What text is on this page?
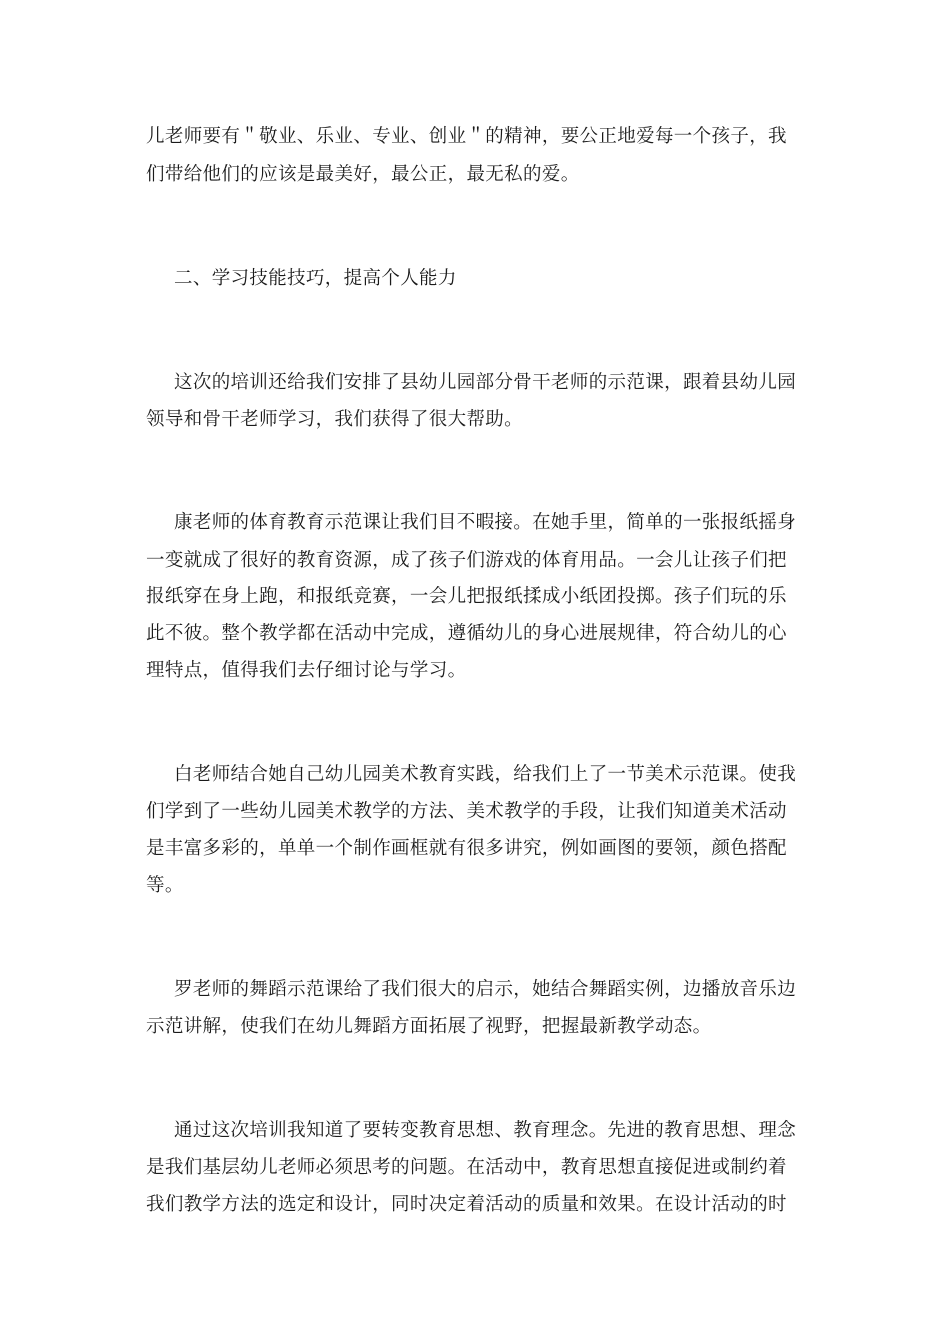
儿老师要有＂敬业、乐业、专业、创业＂的精神，要公正地爱每一个孩子，我
们带给他们的应该是最美好，最公正，最无私的爱。
二、学习技能技巧，提高个人能力
这次的培训还给我们安排了县幼儿园部分骨干老师的示范课，跟着县幼儿园
领导和骨干老师学习，我们获得了很大帮助。
康老师的体育教育示范课让我们目不暇接。在她手里，简单的一张报纸摇身
一变就成了很好的教育资源，成了孩子们游戏的体育用品。一会儿让孩子们把
报纸穿在身上跑，和报纸竞赛，一会儿把报纸揉成小纸团投掷。孩子们玩的乐
此不彼。整个教学都在活动中完成，遵循幼儿的身心进展规律，符合幼儿的心
理特点，值得我们去仔细讨论与学习。
白老师结合她自己幼儿园美术教育实践，给我们上了一节美术示范课。使我
们学到了一些幼儿园美术教学的方法、美术教学的手段，让我们知道美术活动
是丰富多彩的，单单一个制作画框就有很多讲究，例如画图的要领，颜色搭配
等。
罗老师的舞蹈示范课给了我们很大的启示，她结合舞蹈实例，边播放音乐边
示范讲解，使我们在幼儿舞蹈方面拓展了视野，把握最新教学动态。
通过这次培训我知道了要转变教育思想、教育理念。先进的教育思想、理念
是我们基层幼儿老师必须思考的问题。在活动中，教育思想直接促进或制约着
我们教学方法的选定和设计，同时决定着活动的质量和效果。在设计活动的时
